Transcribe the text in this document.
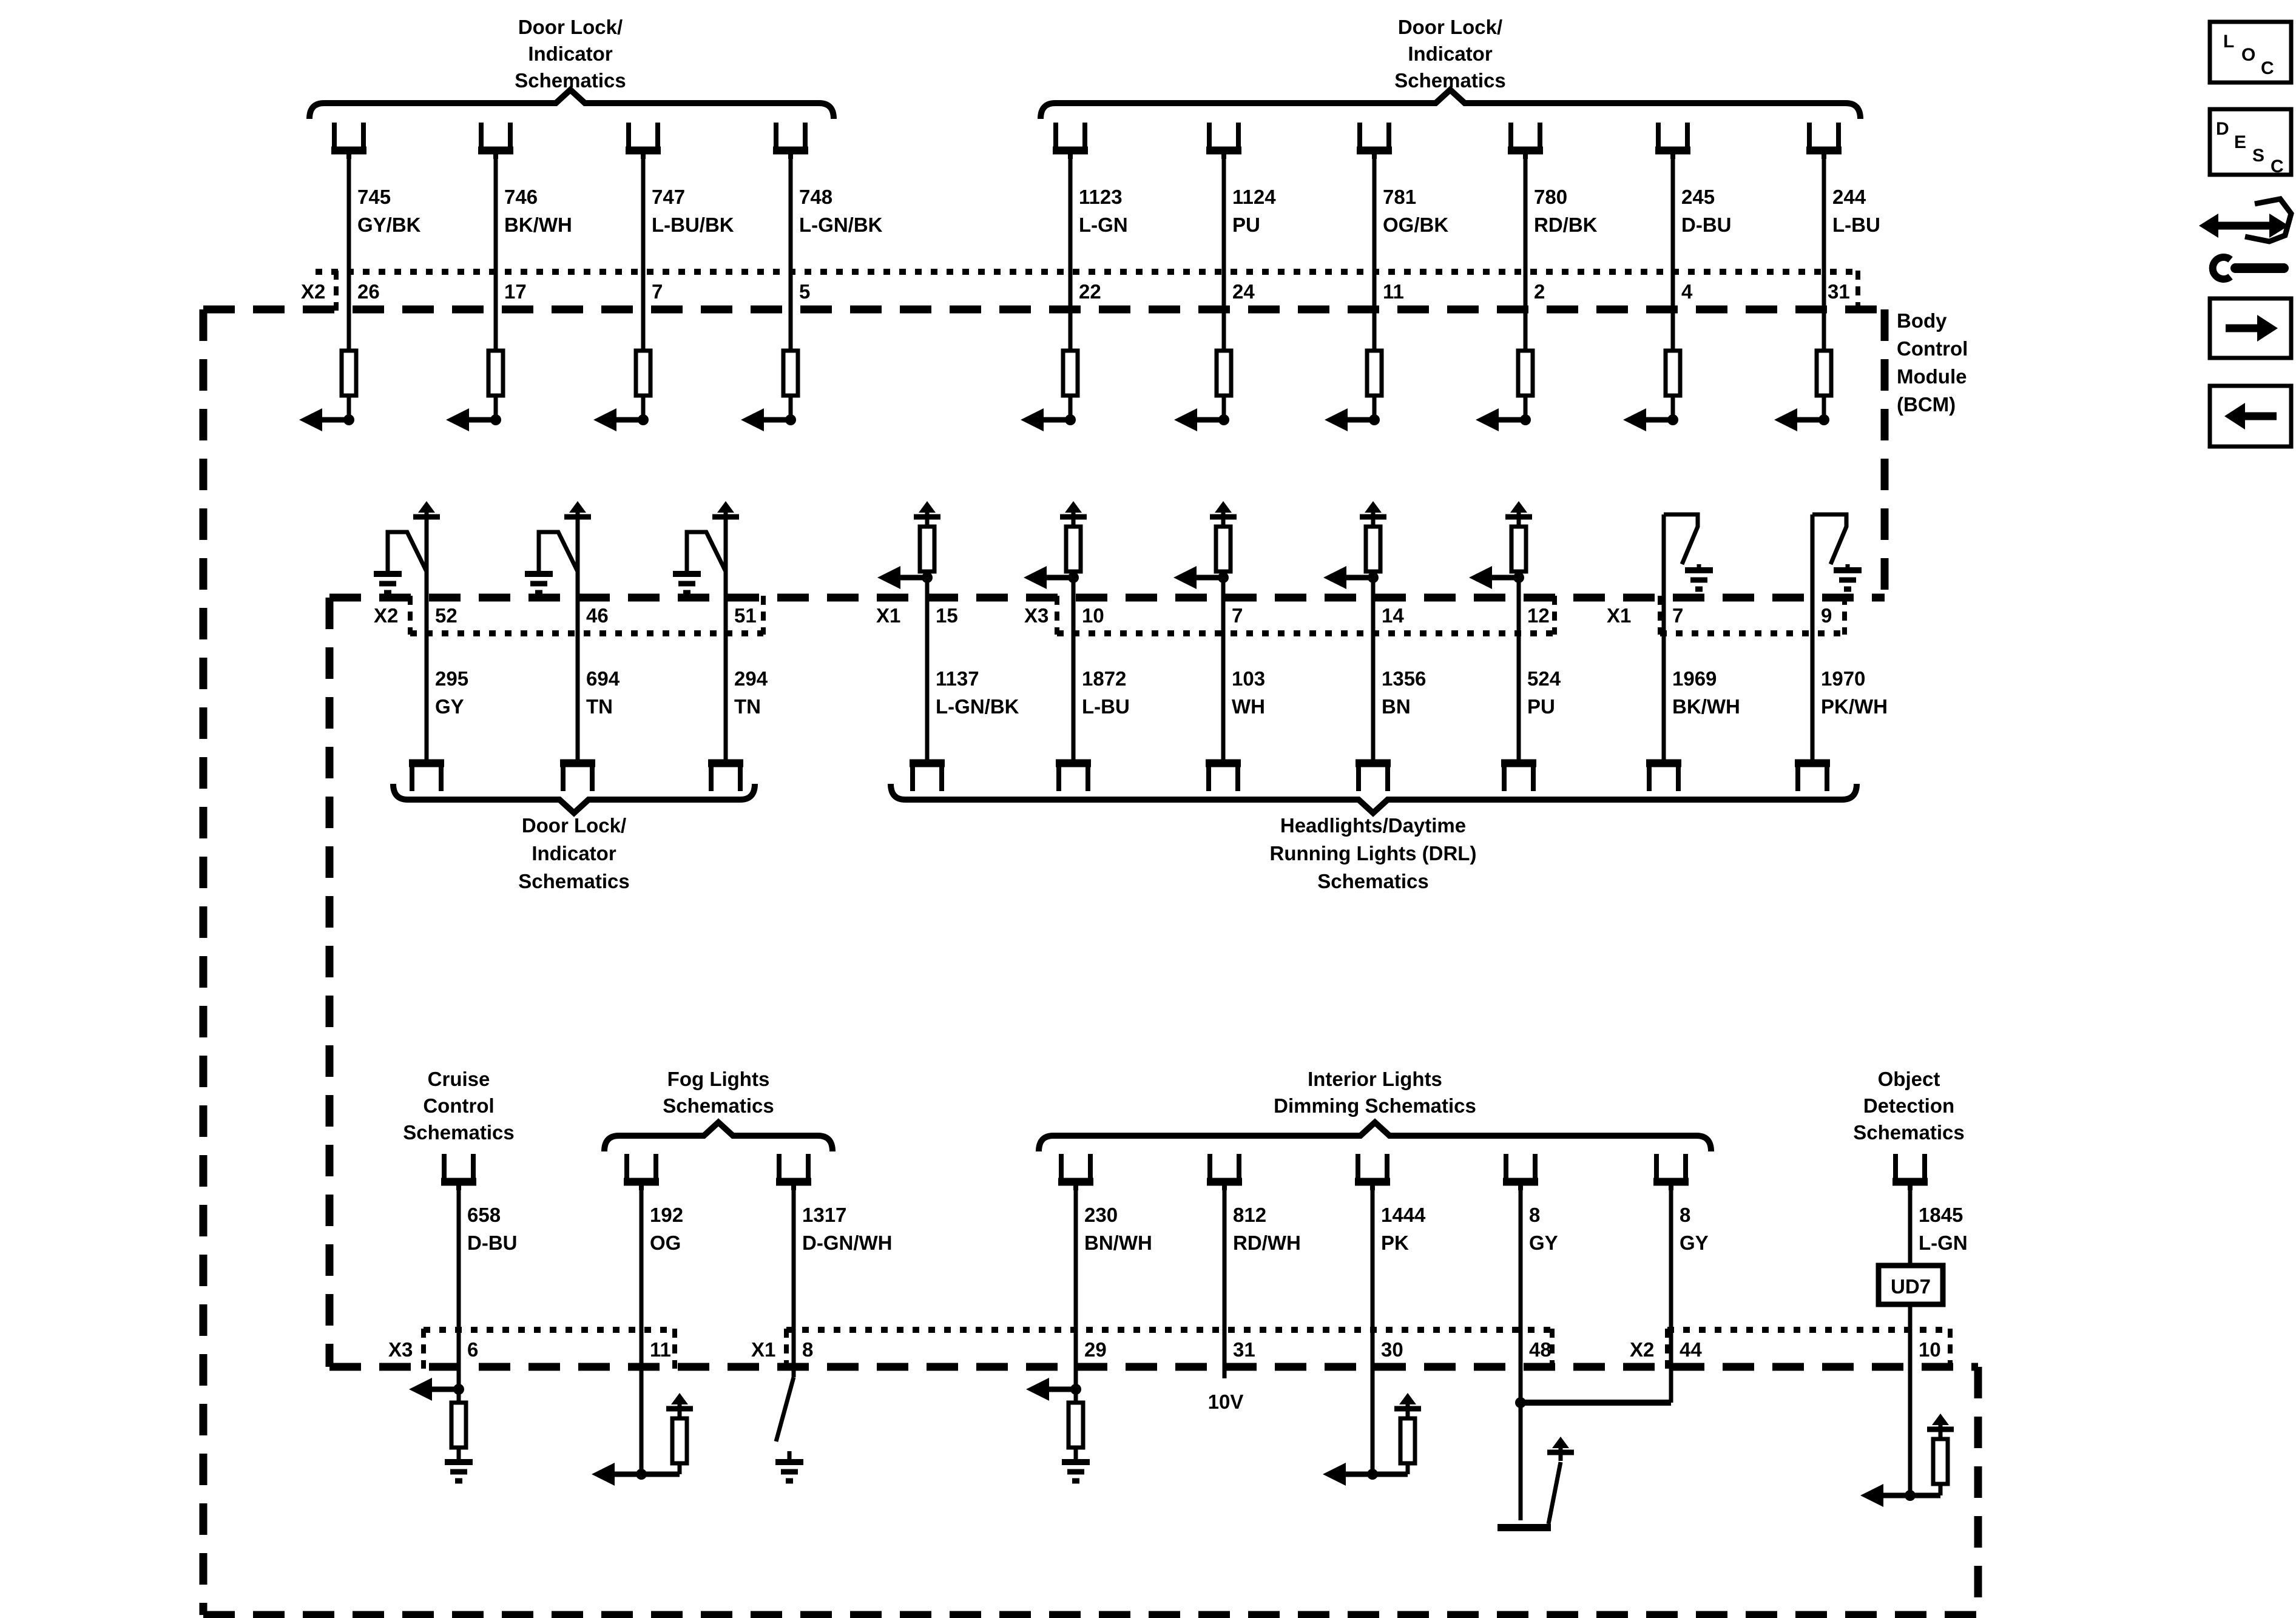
Body Control Module (BCM)
Door Lock/
Indicator
Schematics
Door Lock/
Indicator
Schematics
X2 26	17	7	5	22	24	11	2	4	31
745
GY/BK
746
BK/WH
747
L-BU/BK
748
L-GN/BK
1123
L-GN
1124
PU
781
OG/BK
780
RD/BK
245
D-BU
244
L-BU
X2 52	46	51	X1 15	X3 10	7	14	12	X1 7	9
295
GY
694
TN
294
TN
1137
L-GN/BK
1872
L-BU
103
WH
1356
BN
524
PU
1969
BK/WH
1970
PK/WH
Door Lock/
Indicator
Schematics
Headlights/Daytime
Running Lights (DRL)
Schematics
Cruise
Control
Schematics
Fog Lights
Schematics
Interior Lights
Dimming Schematics
Object
Detection
Schematics
X3	6	11	X1 8	29	31	30	48	X2 44	10
658
D-BU
192
OG
1317
D-GN/WH
230
BN/WH
812
RD/WH
10V
1444
PK
8
GY
8
GY
1845
L-GN
UD7
L
O
C
D
E
S
C
